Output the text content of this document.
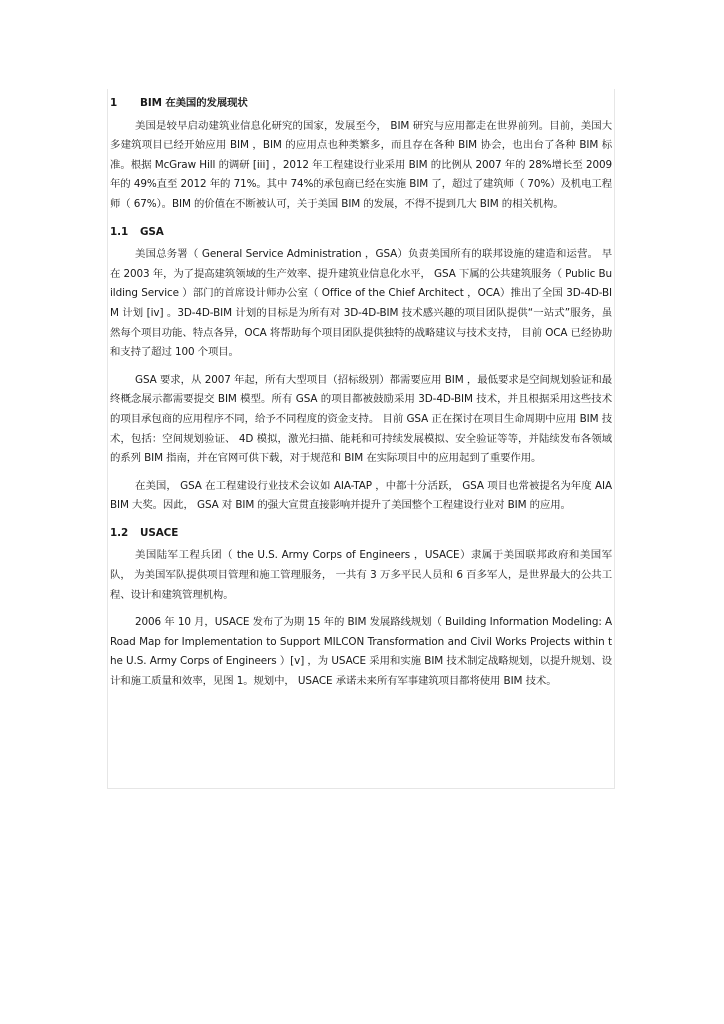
1 BIM 在美国的发展现状

美国是较早启动建筑业信息化研究的国家，发展至今， BIM 研究与应用都走在世界前列。目前，美国大多建筑项目已经开始应用 BIM ，BIM 的应用点也种类繁多，而且存在各种 BIM 协会，也出台了各种 BIM 标准。根据 McGraw Hill 的调研 [iii] ，2012 年工程建设行业采用 BIM 的比例从 2007 年的 28%增长至 2009 年的 49%直至 2012 年的 71%。其中 74%的承包商已经在实施 BIM 了，超过了建筑师（ 70%）及机电工程师（ 67%）。BIM 的价值在不断被认可，关于美国 BIM 的发展，不得不提到几大 BIM 的相关机构。

1.1 GSA

美国总务署（ General Service Administration ，GSA）负责美国所有的联邦设施的建造和运营。 早在 2003 年，为了提高建筑领域的生产效率、提升建筑业信息化水平， GSA 下属的公共建筑服务（ Public Building Service ）部门的首席设计师办公室（ Office of the Chief Architect ，OCA）推出了全国 3D-4D-BIM 计划 [iv] 。3D-4D-BIM 计划的目标是为所有对 3D-4D-BIM 技术感兴趣的项目团队提供“一站式”服务，虽然每个项目功能、特点各异，OCA 将帮助每个项目团队提供独特的战略建议与技术支持， 目前 OCA 已经协助和支持了超过 100 个项目。

GSA 要求，从 2007 年起，所有大型项目（招标级别）都需要应用 BIM ，最低要求是空间规划验证和最终概念展示都需要提交 BIM 模型。所有 GSA 的项目都被鼓励采用 3D-4D-BIM 技术，并且根据采用这些技术的项目承包商的应用程序不同，给予不同程度的资金支持。 目前 GSA 正在探讨在项目生命周期中应用 BIM 技术，包括：空间规划验证、 4D 模拟，激光扫描、能耗和可持续发展模拟、安全验证等等，并陆续发布各领域的系列 BIM 指南，并在官网可供下载，对于规范和 BIM 在实际项目中的应用起到了重要作用。

在美国， GSA 在工程建设行业技术会议如 AIA-TAP ，中都十分活跃， GSA 项目也常被提名为年度 AIA BIM 大奖。因此， GSA 对 BIM 的强大宣贯直接影响并提升了美国整个工程建设行业对 BIM 的应用。

1.2 USACE

美国陆军工程兵团（ the U.S. Army Corps of Engineers ，USACE）隶属于美国联邦政府和美国军队， 为美国军队提供项目管理和施工管理服务， 一共有 3 万多平民人员和 6 百多军人，是世界最大的公共工程、设计和建筑管理机构。

2006 年 10 月，USACE 发布了为期 15 年的 BIM 发展路线规划（ Building Information Modeling: A Road Map for Implementation to Support MILCON Transformation and Civil Works Projects within the U.S. Army Corps of Engineers ）[v] ，为 USACE 采用和实施 BIM 技术制定战略规划，以提升规划、设计和施工质量和效率，见图 1。规划中， USACE 承诺未来所有军事建筑项目都将使用 BIM 技术。
